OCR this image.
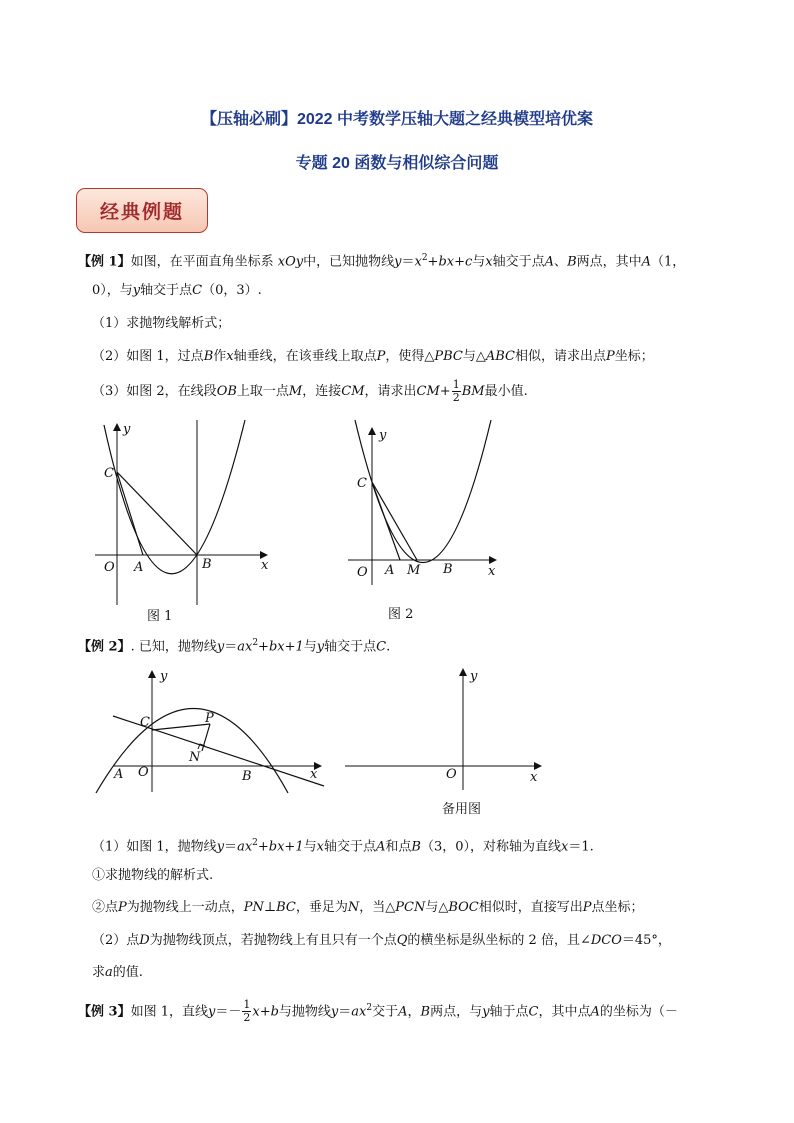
【压轴必刷】2022 中考数学压轴大题之经典模型培优案
专题 20 函数与相似综合问题
经典例题
【例 1】如图，在平面直角坐标系 xOy中，已知抛物线$y=x^2+bx+c$与x轴交于点A、B两点，其中A（1，
0），与y轴交于点C（0，3）.
（1）求抛物线解析式；
（2）如图 1，过点B作x轴垂线，在该垂线上取点P，使得△PBC与△ABC相似，请求出点P坐标；
（3）如图 2，在线段OB上取一点M，连接CM，请求出$CM+ \frac{1}{2}$ BM最小值.
y
x
C
O A	B
图 1
y
x
C
O A M B
图 2
【例 2】. 已知，抛物线$y=ax^2+bx+1$与y轴交于点C.
y
x
C	P
N
A O	B
y
x
O
备用图
（1）如图 1，抛物线$y=ax^2+bx+1$与x轴交于点A和点B（3，0），对称轴为直线x＝1.
①求抛物线的解析式.
②点P为抛物线上一动点，PN⊥BC，垂足为N，当△PCN与△BOC相似时，直接写出P点坐标；
（2）点D为抛物线顶点，若抛物线上有且只有一个点Q的横坐标是纵坐标的 2 倍，且∠DCO＝45°，
求a的值.
【例 3】如图 1，直线$y=- \frac{1}{2} x+b$与抛物线$y=ax^2$交于A，B两点，与y轴于点C，其中点A的坐标为（－
